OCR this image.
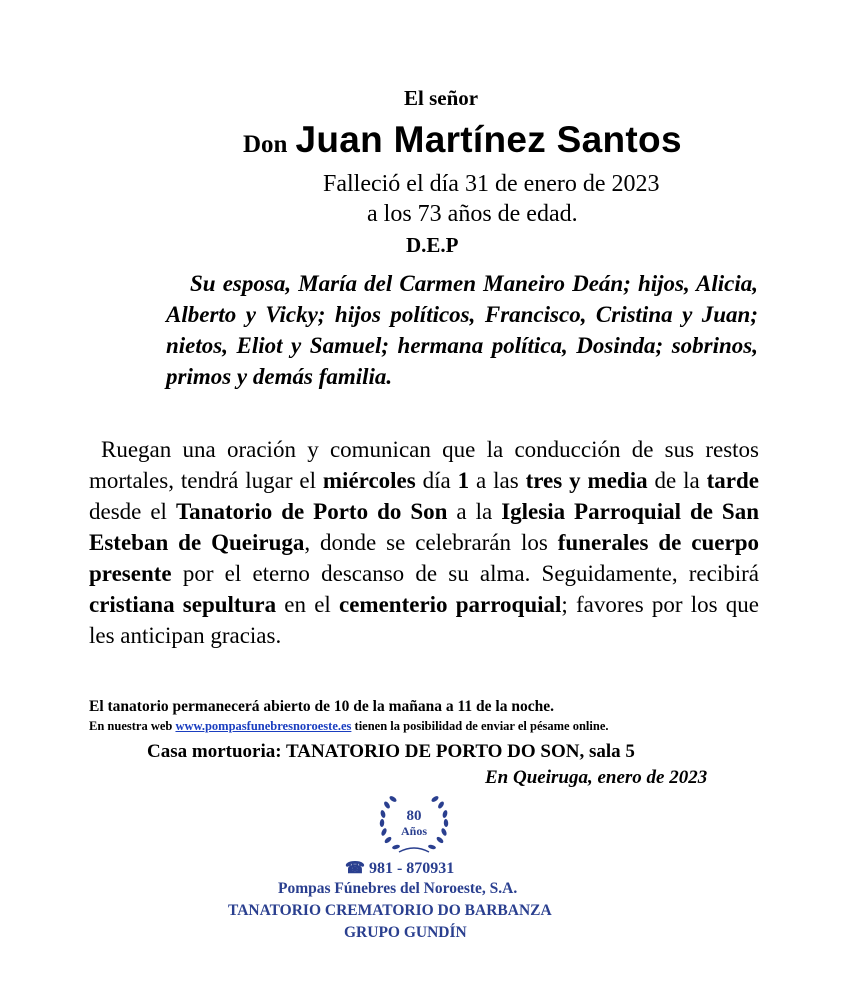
El señor
Don Juan Martínez Santos
Falleció el día 31 de enero de 2023
a los 73 años de edad.
D.E.P
Su esposa, María del Carmen Maneiro Deán; hijos, Alicia, Alberto y Vicky; hijos políticos, Francisco, Cristina y Juan; nietos, Eliot y Samuel; hermana política, Dosinda; sobrinos, primos y demás familia.
Ruegan una oración y comunican que la conducción de sus restos mortales, tendrá lugar el miércoles día 1 a las tres y media de la tarde desde el Tanatorio de Porto do Son a la Iglesia Parroquial de San Esteban de Queiruga, donde se celebrarán los funerales de cuerpo presente por el eterno descanso de su alma. Seguidamente, recibirá cristiana sepultura en el cementerio parroquial; favores por los que les anticipan gracias.
El tanatorio permanecerá abierto de 10 de la mañana a 11 de la noche.
En nuestra web www.pompasfunebresnoroeste.es tienen la posibilidad de enviar el pésame online.
Casa mortuoria: TANATORIO DE PORTO DO SON, sala 5
En Queiruga, enero de 2023
80
Años
☎ 981 - 870931
Pompas Fúnebres del Noroeste, S.A.
TANATORIO CREMATORIO DO BARBANZA
GRUPO GUNDÍN
